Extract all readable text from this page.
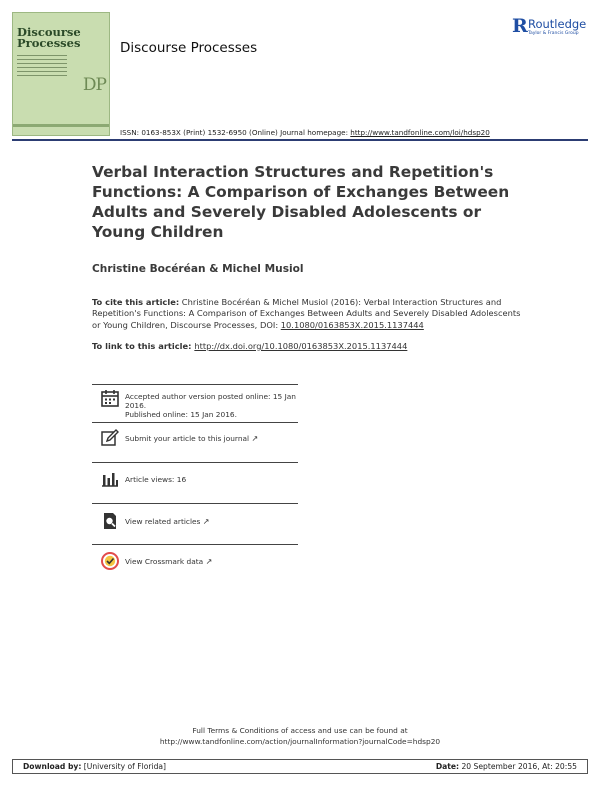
Discourse
Processes
DP
Discourse Processes
R Routledge
Taylor & Francis Group
ISSN: 0163-853X (Print) 1532-6950 (Online) Journal homepage: http://www.tandfonline.com/loi/hdsp20
Verbal Interaction Structures and Repetition's Functions: A Comparison of Exchanges Between Adults and Severely Disabled Adolescents or Young Children
Christine Bocéréan & Michel Musiol
To cite this article: Christine Bocéréan & Michel Musiol (2016): Verbal Interaction Structures and Repetition's Functions: A Comparison of Exchanges Between Adults and Severely Disabled Adolescents or Young Children, Discourse Processes, DOI: 10.1080/0163853X.2015.1137444
To link to this article: http://dx.doi.org/10.1080/0163853X.2015.1137444
Accepted author version posted online: 15 Jan 2016.
Published online: 15 Jan 2016.
Submit your article to this journal ↗
Article views: 16
View related articles ↗
View Crossmark data ↗
Full Terms & Conditions of access and use can be found at
http://www.tandfonline.com/action/journalInformation?journalCode=hdsp20
Download by: [University of Florida]	Date: 20 September 2016, At: 20:55
